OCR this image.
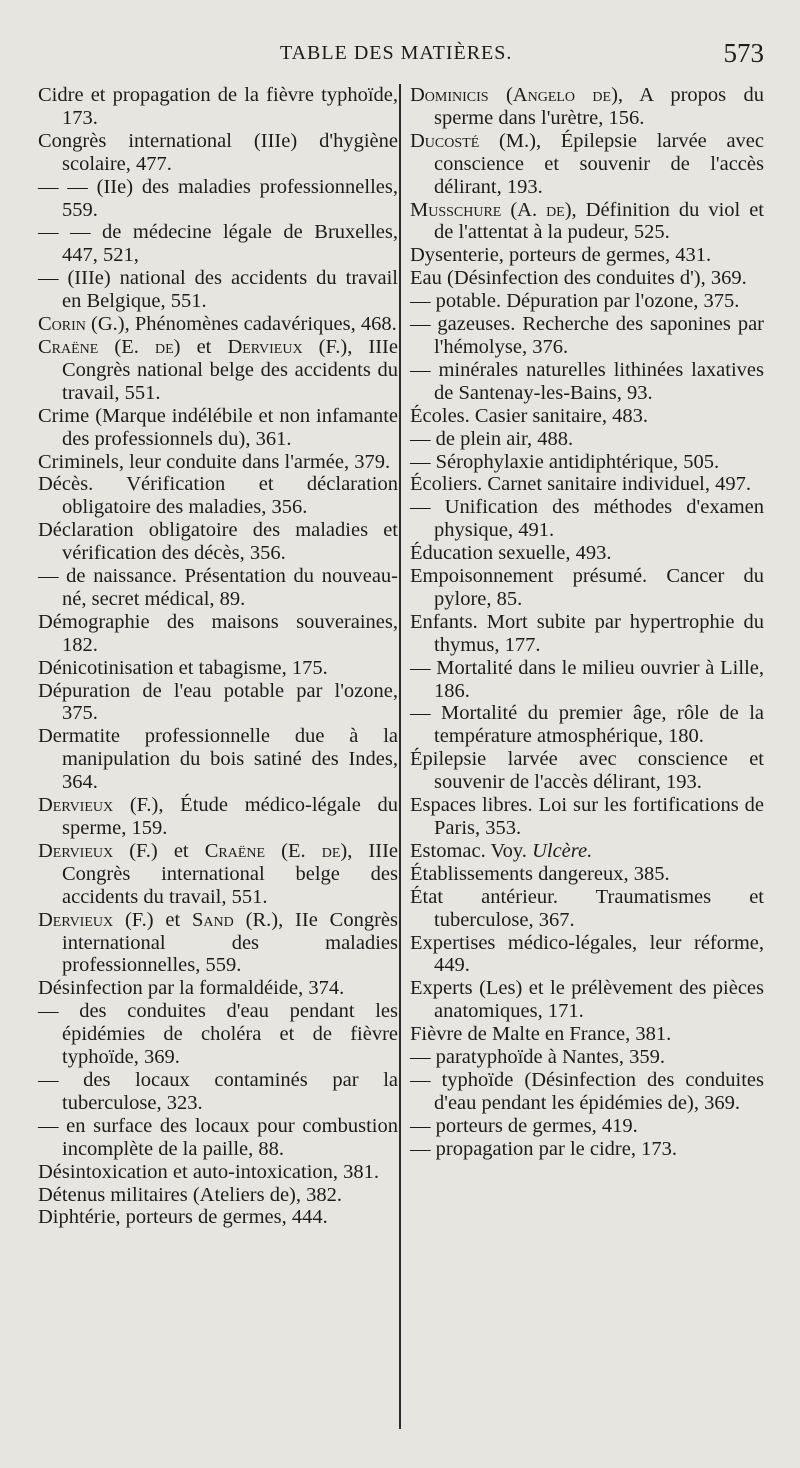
TABLE DES MATIÈRES.	573

Cidre et propagation de la fièvre typhoïde, 173.

Congrès international (IIIe) d'hygiène scolaire, 477.

— — (IIe) des maladies professionnelles, 559.

— — de médecine légale de Bruxelles, 447, 521,

— (IIIe) national des accidents du travail en Belgique, 551.

Corin (G.), Phénomènes cadavériques, 468.

Craëne (E. de) et Dervieux (F.), IIIe Congrès national belge des accidents du travail, 551.

Crime (Marque indélébile et non infamante des professionnels du), 361.

Criminels, leur conduite dans l'armée, 379.

Décès. Vérification et déclaration obligatoire des maladies, 356.

Déclaration obligatoire des maladies et vérification des décès, 356.

— de naissance. Présentation du nouveau-né, secret médical, 89.

Démographie des maisons souveraines, 182.

Dénicotinisation et tabagisme, 175.

Dépuration de l'eau potable par l'ozone, 375.

Dermatite professionnelle due à la manipulation du bois satiné des Indes, 364.

Dervieux (F.), Étude médico-légale du sperme, 159.

Dervieux (F.) et Craëne (E. de), IIIe Congrès international belge des accidents du travail, 551.

Dervieux (F.) et Sand (R.), IIe Congrès international des maladies professionnelles, 559.

Désinfection par la formaldéide, 374.

— des conduites d'eau pendant les épidémies de choléra et de fièvre typhoïde, 369.

— des locaux contaminés par la tuberculose, 323.

— en surface des locaux pour combustion incomplète de la paille, 88.

Désintoxication et auto-intoxication, 381.

Détenus militaires (Ateliers de), 382.

Diphtérie, porteurs de germes, 444.

Dominicis (Angelo de), A propos du sperme dans l'urètre, 156.

Ducosté (M.), Épilepsie larvée avec conscience et souvenir de l'accès délirant, 193.

Musschure (A. de), Définition du viol et de l'attentat à la pudeur, 525.

Dysenterie, porteurs de germes, 431.

Eau (Désinfection des conduites d'), 369.

— potable. Dépuration par l'ozone, 375.

— gazeuses. Recherche des saponines par l'hémolyse, 376.

— minérales naturelles lithinées laxatives de Santenay-les-Bains, 93.

Écoles. Casier sanitaire, 483.

— de plein air, 488.

— Sérophylaxie antidiphtérique, 505.

Écoliers. Carnet sanitaire individuel, 497.

— Unification des méthodes d'examen physique, 491.

Éducation sexuelle, 493.

Empoisonnement présumé. Cancer du pylore, 85.

Enfants. Mort subite par hypertrophie du thymus, 177.

— Mortalité dans le milieu ouvrier à Lille, 186.

— Mortalité du premier âge, rôle de la température atmosphérique, 180.

Épilepsie larvée avec conscience et souvenir de l'accès délirant, 193.

Espaces libres. Loi sur les fortifications de Paris, 353.

Estomac. Voy. Ulcère.

Établissements dangereux, 385.

État antérieur. Traumatismes et tuberculose, 367.

Expertises médico-légales, leur réforme, 449.

Experts (Les) et le prélèvement des pièces anatomiques, 171.

Fièvre de Malte en France, 381.

— paratyphoïde à Nantes, 359.

— typhoïde (Désinfection des conduites d'eau pendant les épidémies de), 369.

— porteurs de germes, 419.

— propagation par le cidre, 173.
